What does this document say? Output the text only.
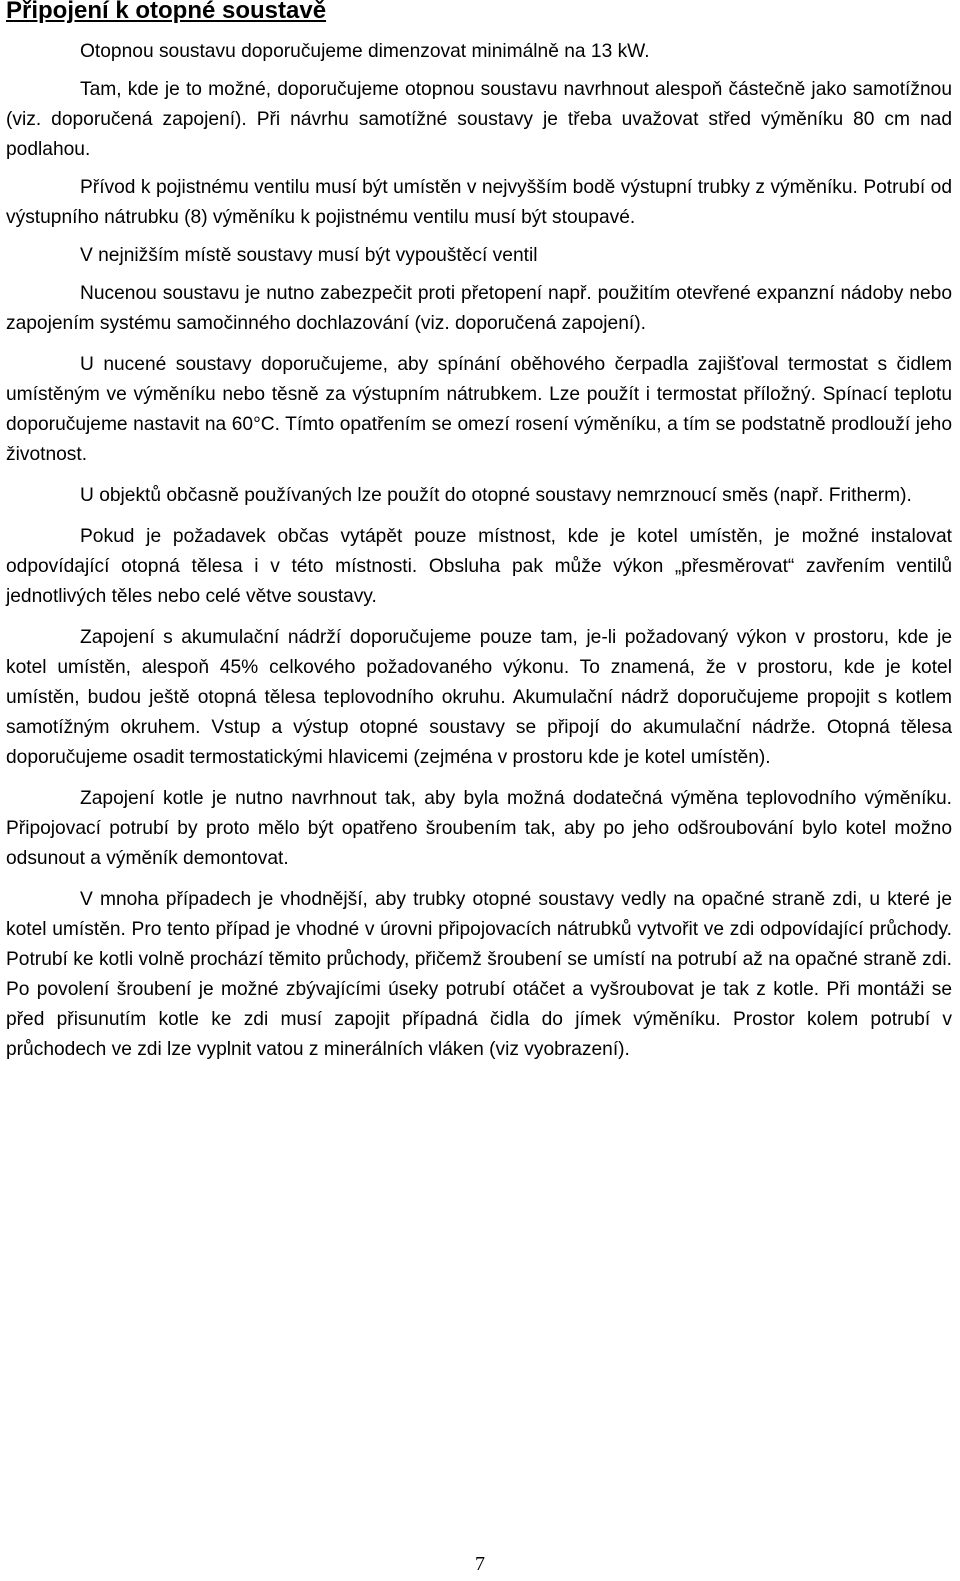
Připojení k otopné soustavě

Otopnou soustavu doporučujeme dimenzovat minimálně na 13 kW.

Tam, kde je to možné, doporučujeme otopnou soustavu navrhnout alespoň částečně jako samotížnou (viz. doporučená zapojení). Při návrhu samotížné soustavy je třeba uvažovat střed výměníku 80 cm nad podlahou.

Přívod k pojistnému ventilu musí být umístěn v nejvyšším bodě výstupní trubky z výměníku. Potrubí od výstupního nátrubku (8) výměníku k pojistnému ventilu musí být stoupavé.

V nejnižším místě soustavy musí být vypouštěcí ventil

Nucenou soustavu je nutno zabezpečit proti přetopení např. použitím otevřené expanzní nádoby nebo zapojením systému samočinného dochlazování (viz. doporučená zapojení).

U nucené soustavy doporučujeme, aby spínání oběhového čerpadla zajišťoval termostat s čidlem umístěným ve výměníku nebo těsně za výstupním nátrubkem. Lze použít i termostat příložný. Spínací teplotu doporučujeme nastavit na 60°C. Tímto opatřením se omezí rosení výměníku, a tím se podstatně prodlouží jeho životnost.

U objektů občasně používaných lze použít do otopné soustavy nemrznoucí směs (např. Fritherm).

Pokud je požadavek občas vytápět pouze místnost, kde je kotel umístěn, je možné instalovat odpovídající otopná tělesa i v této místnosti. Obsluha pak může výkon „přesměrovat“ zavřením ventilů jednotlivých těles nebo celé větve soustavy.

Zapojení s akumulační nádrží doporučujeme pouze tam, je-li požadovaný výkon v prostoru, kde je kotel umístěn, alespoň 45% celkového požadovaného výkonu. To znamená, že v prostoru, kde je kotel umístěn, budou ještě otopná tělesa teplovodního okruhu. Akumulační nádrž doporučujeme propojit s kotlem samotížným okruhem. Vstup a výstup otopné soustavy se připojí do akumulační nádrže. Otopná tělesa doporučujeme osadit termostatickými hlavicemi (zejména v prostoru kde je kotel umístěn).

Zapojení kotle je nutno navrhnout tak, aby byla možná dodatečná výměna teplovodního výměníku. Připojovací potrubí by proto mělo být opatřeno šroubením tak, aby po jeho odšroubování bylo kotel možno odsunout a výměník demontovat.

V mnoha případech je vhodnější, aby trubky otopné soustavy vedly na opačné straně zdi, u které je kotel umístěn. Pro tento případ je vhodné v úrovni připojovacích nátrubků vytvořit ve zdi odpovídající průchody. Potrubí ke kotli volně prochází těmito průchody, přičemž šroubení se umístí na potrubí až na opačné straně zdi. Po povolení šroubení je možné zbývajícími úseky potrubí otáčet a vyšroubovat je tak z kotle. Při montáži se před přisunutím kotle ke zdi musí zapojit případná čidla do jímek výměníku. Prostor kolem potrubí v průchodech ve zdi lze vyplnit vatou z minerálních vláken (viz vyobrazení).

7
